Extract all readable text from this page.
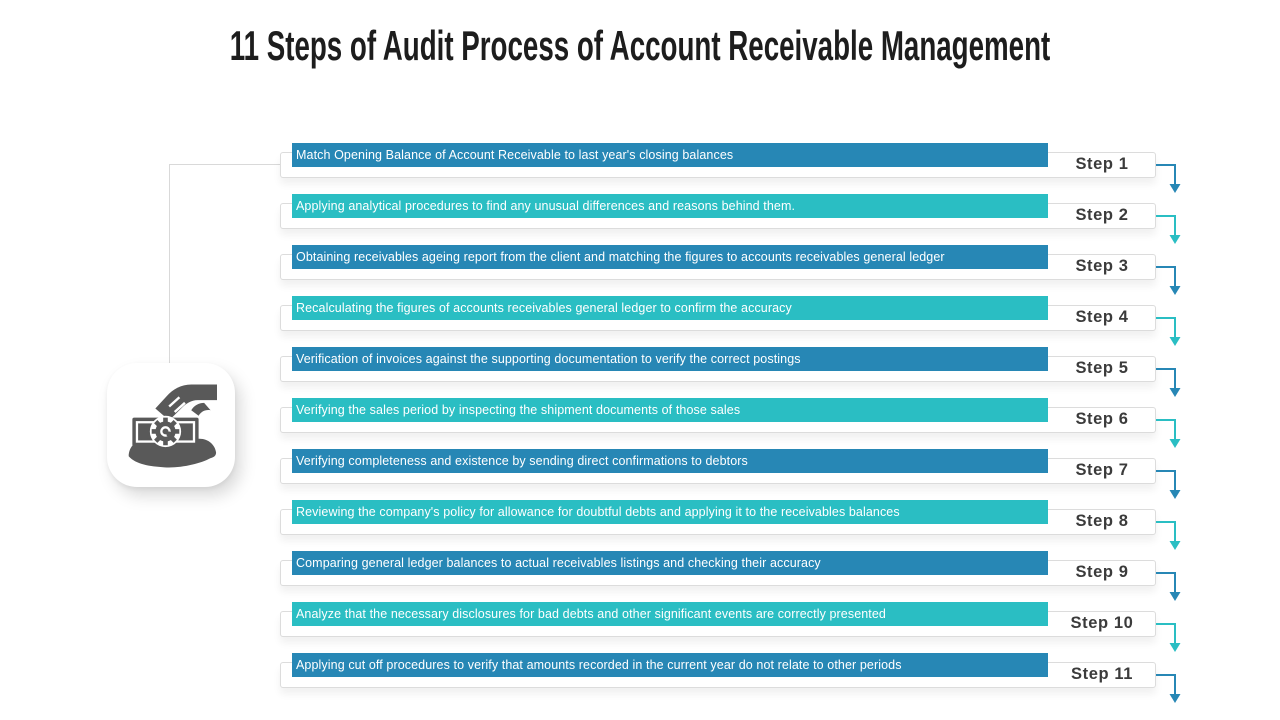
11 Steps of Audit Process of Account Receivable Management
Match Opening Balance of Account Receivable to last year's closing balances	Step 1
Applying analytical procedures to find any unusual differences and reasons behind them.	Step 2
Obtaining receivables ageing report from the client and matching the figures to accounts receivables general ledger	Step 3
Recalculating the figures of accounts receivables general ledger to confirm the accuracy	Step 4
Verification of invoices against the supporting documentation to verify the correct postings	Step 5
Verifying the sales period by inspecting the shipment documents of those sales	Step 6
Verifying completeness and existence by sending direct confirmations to debtors	Step 7
Reviewing the company's policy for allowance for doubtful debts and applying it to the receivables balances	Step 8
Comparing general ledger balances to actual receivables listings and checking their accuracy	Step 9
Analyze that the necessary disclosures for bad debts and other significant events are correctly presented	Step 10
Applying cut off procedures to verify that amounts recorded in the current year do not relate to other periods	Step 11
